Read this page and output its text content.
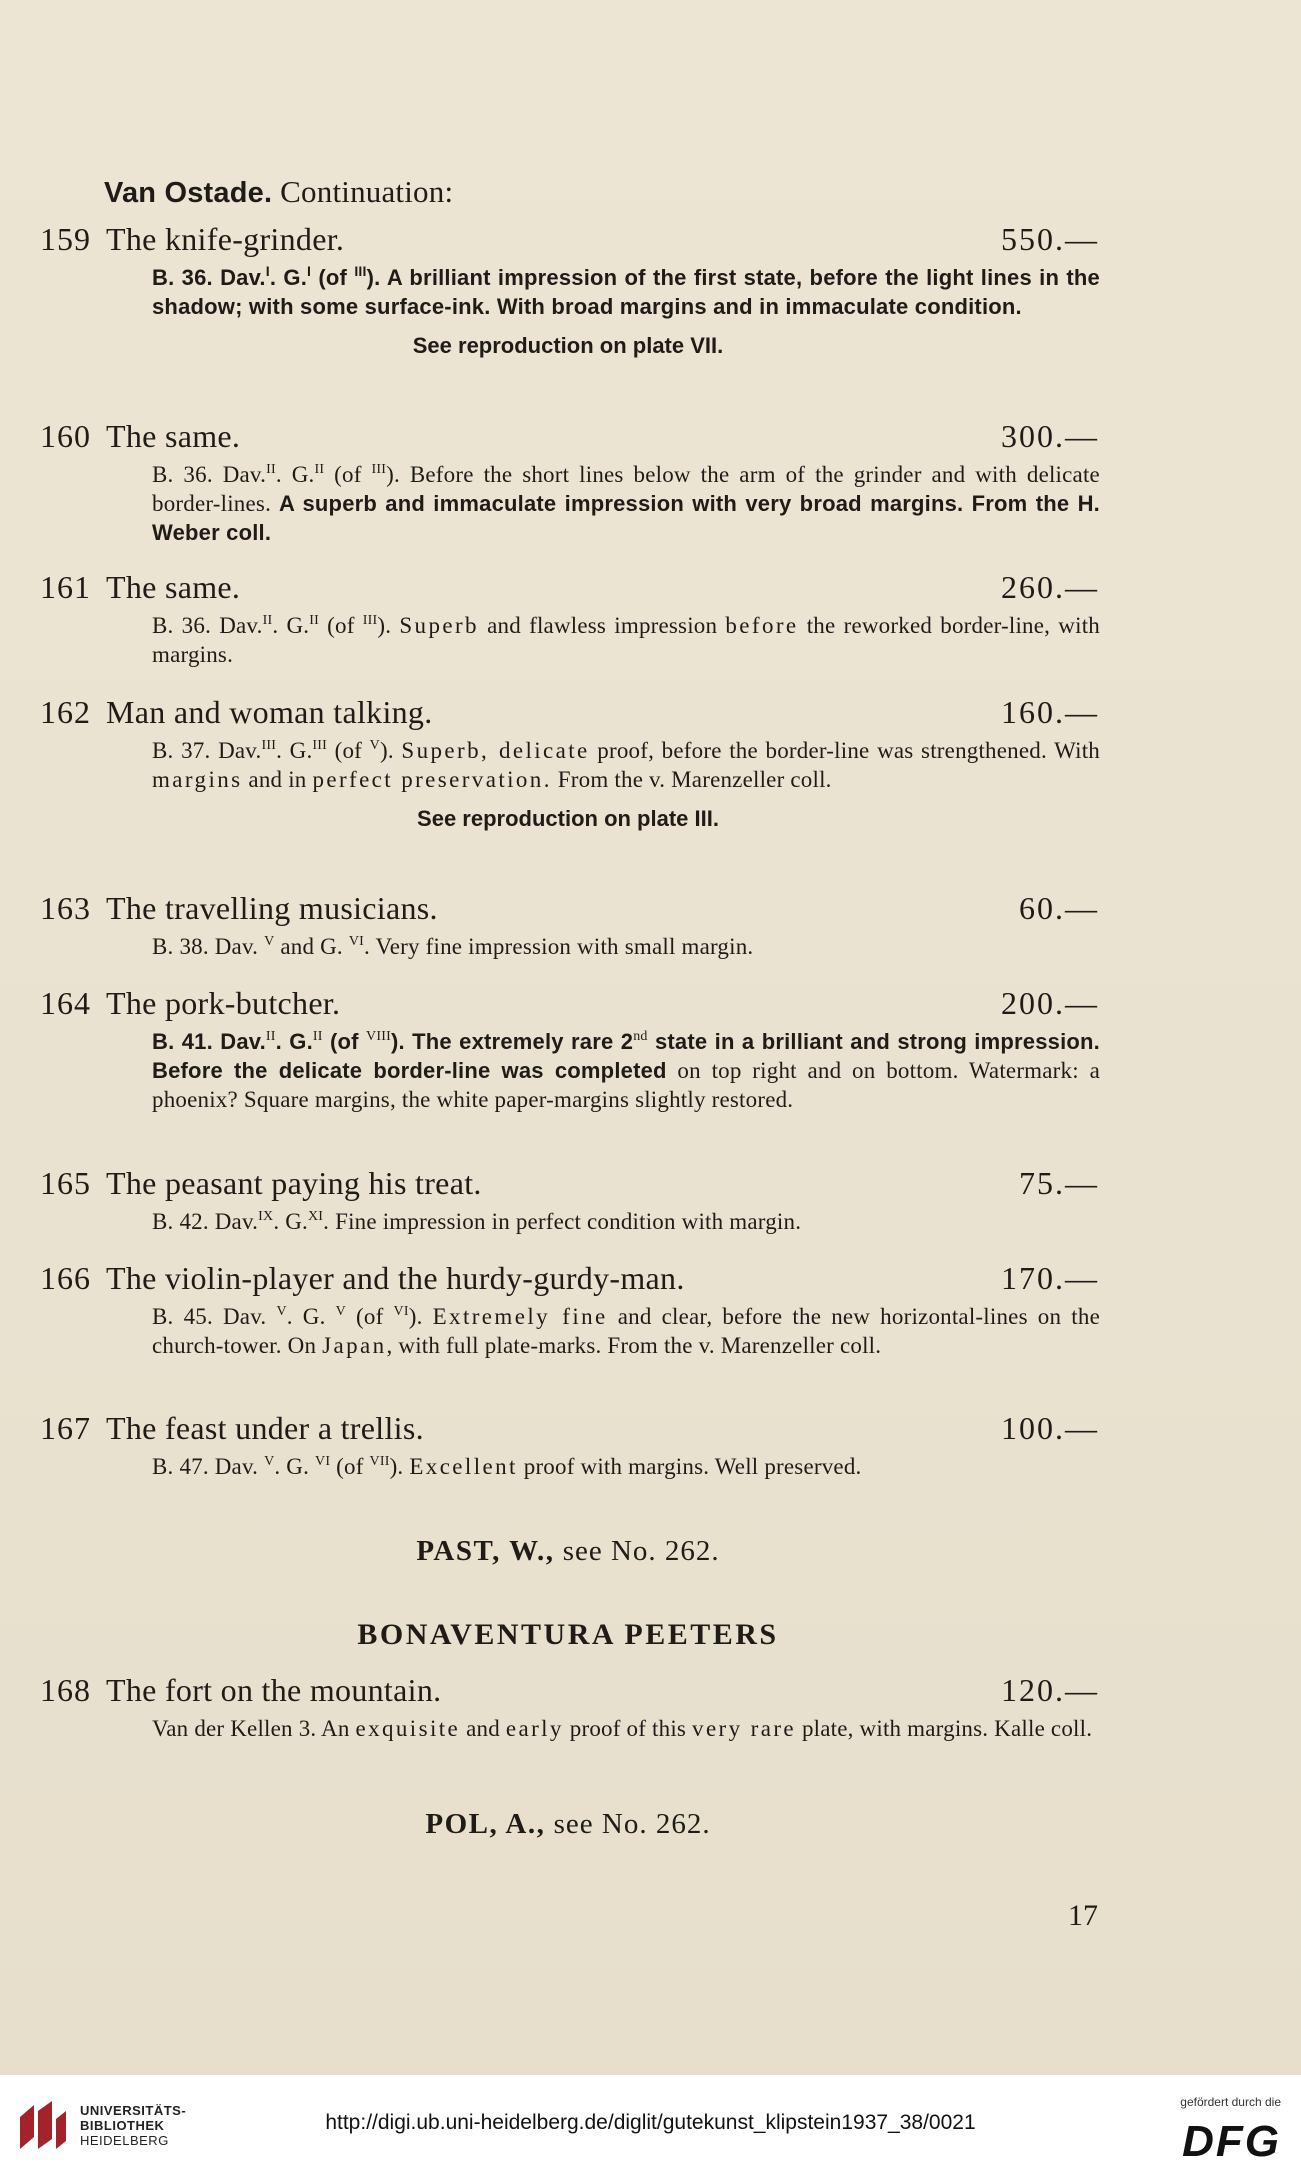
Van Ostade. Continuation:
159 The knife-grinder.	550.—
B. 36. Dav.$^I$. G.$^I$ (of $^{III}$). A brilliant impression of the first state, before the light lines in the shadow; with some surface-ink. With broad margins and in immaculate condition.
See reproduction on plate VII.
160 The same.	300.—
B. 36. Dav.$^{II}$. G.$^{II}$ (of $^{III}$). Before the short lines below the arm of the grinder and with delicate border-lines. A superb and immaculate impression with very broad margins. From the H. Weber coll.
161 The same.	260.—
B. 36. Dav.$^{II}$. G.$^{II}$ (of $^{III}$). Superb and flawless impression before the reworked border-line, with margins.
162 Man and woman talking.	160.—
B. 37. Dav.$^{III}$. G.$^{III}$ (of $^V$). Superb, delicate proof, before the border-line was strengthened. With margins and in perfect preservation. From the v. Marenzeller coll.
See reproduction on plate III.
163 The travelling musicians.	60.—
B. 38. Dav. $^V$ and G. $^{VI}$. Very fine impression with small margin.
164 The pork-butcher.	200.—
B. 41. Dav.$^{II}$. G.$^{II}$ (of $^{VIII}$). The extremely rare 2nd state in a brilliant and strong impression. Before the delicate border-line was completed on top right and on bottom. Watermark: a phoenix? Square margins, the white paper-margins slightly restored.
165 The peasant paying his treat.	75.—
B. 42. Dav.$^{IX}$. G.$^{XI}$. Fine impression in perfect condition with margin.
166 The violin-player and the hurdy-gurdy-man.	170.—
B. 45. Dav. $^V$. G. $^V$ (of $^{VI}$). Extremely fine and clear, before the new horizontal-lines on the church-tower. On Japan, with full plate-marks. From the v. Marenzeller coll.
167 The feast under a trellis.	100.—
B. 47. Dav. $^V$. G. $^{VI}$ (of $^{VII}$). Excellent proof with margins. Well preserved.
PAST, W., see No. 262.
BONAVENTURA PEETERS
168 The fort on the mountain.	120.—
Van der Kellen 3. An exquisite and early proof of this very rare plate, with margins. Kalle coll.
POL, A., see No. 262.
17
UNIVERSITÄTS-
BIBLIOTHEK
HEIDELBERG
http://digi.ub.uni-heidelberg.de/diglit/gutekunst_klipstein1937_38/0021
gefördert durch die
DFG
